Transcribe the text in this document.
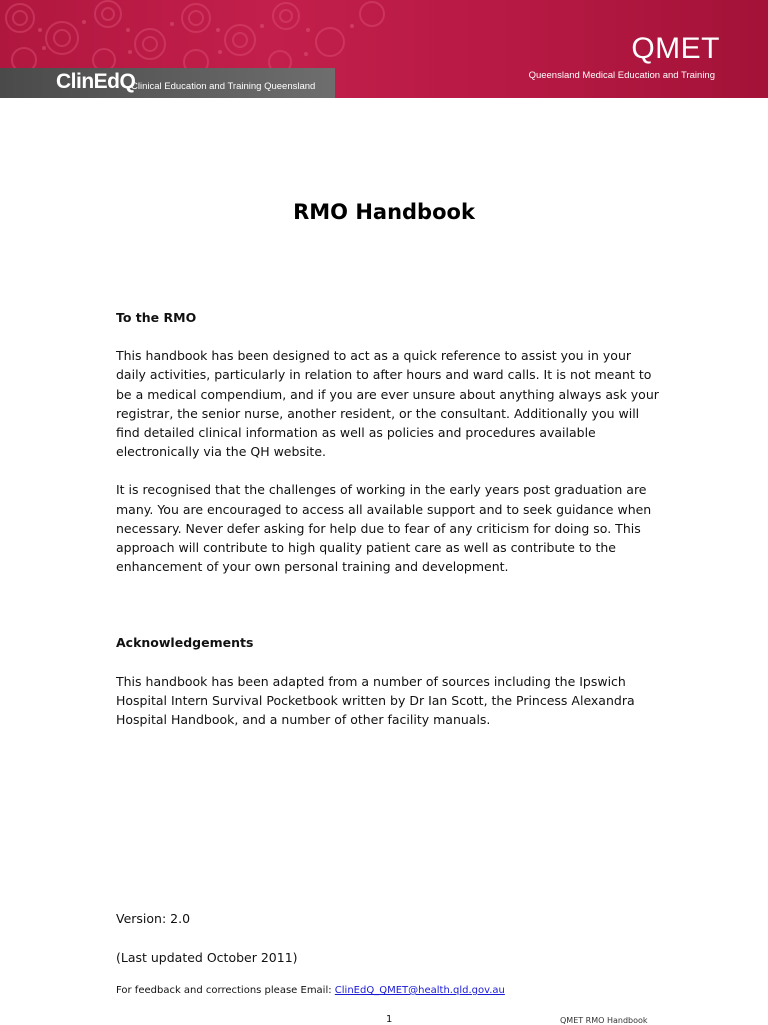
ClinEdQ
Clinical Education and Training Queensland
QMET
Queensland Medical Education and Training
RMO Handbook

To the RMO

This handbook has been designed to act as a quick reference to assist you in your daily activities, particularly in relation to after hours and ward calls. It is not meant to be a medical compendium, and if you are ever unsure about anything always ask your registrar, the senior nurse, another resident, or the consultant. Additionally you will find detailed clinical information as well as policies and procedures available electronically via the QH website.

It is recognised that the challenges of working in the early years post graduation are many. You are encouraged to access all available support and to seek guidance when necessary. Never defer asking for help due to fear of any criticism for doing so. This approach will contribute to high quality patient care as well as contribute to the enhancement of your own personal training and development.

Acknowledgements

This handbook has been adapted from a number of sources including the Ipswich Hospital Intern Survival Pocketbook written by Dr Ian Scott, the Princess Alexandra Hospital Handbook, and a number of other facility manuals.

Version: 2.0
(Last updated October 2011)
For feedback and corrections please Email: ClinEdQ_QMET@health.qld.gov.au
1	QMET RMO Handbook
